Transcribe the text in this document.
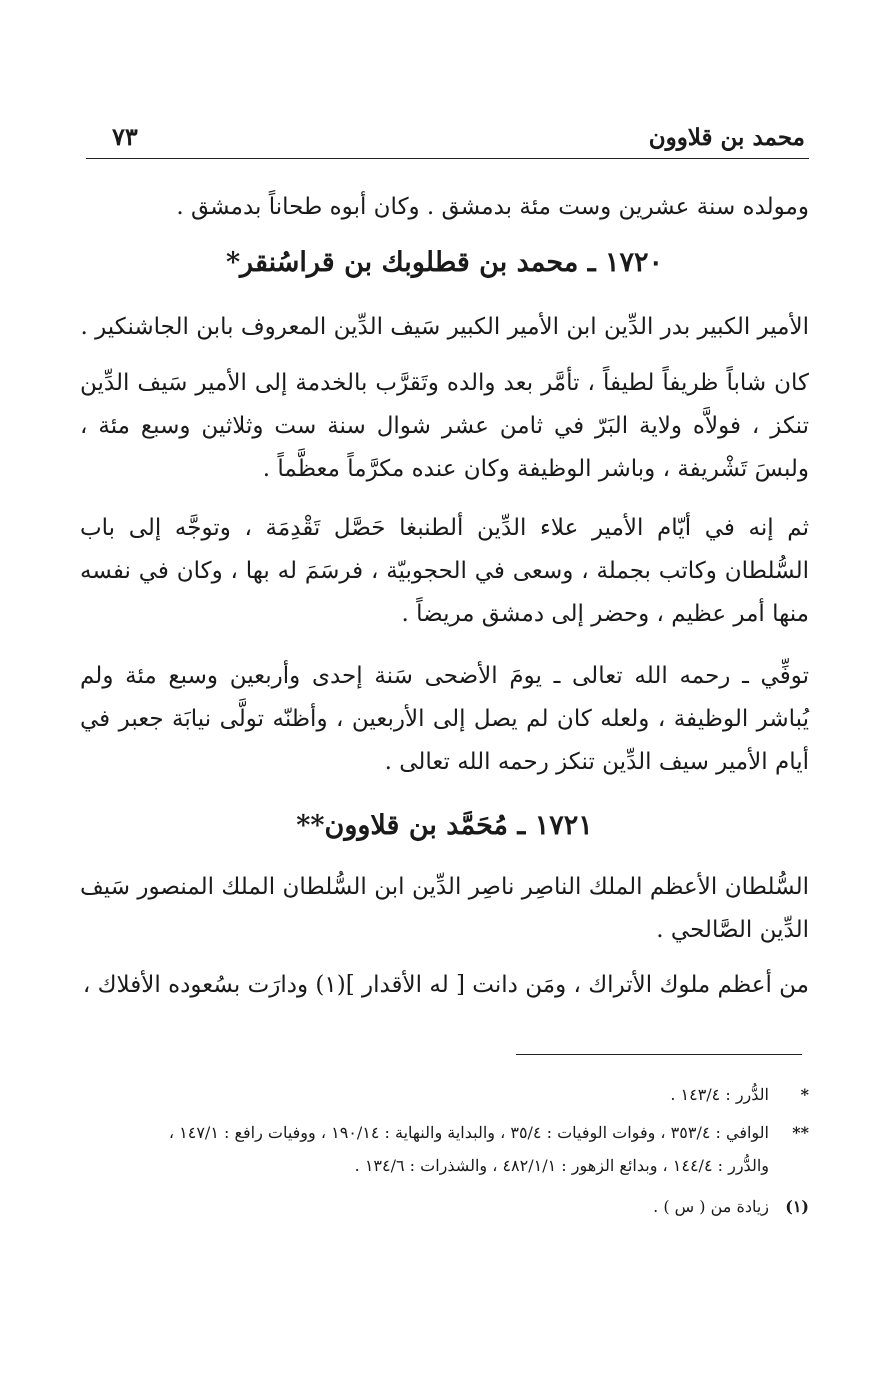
محمد بن قلاوون
٧٣
ومولده سنة عشرين وست مئة بدمشق . وكان أبوه طحاناً بدمشق .
١٧٢٠ ـ محمد بن قطلوبك بن قراسُنقر*
الأمير الكبير بدر الدِّين ابن الأمير الكبير سَيف الدِّين المعروف بابن الجاشنكير .
كان شاباً ظريفاً لطيفاً ، تأمَّر بعد والده وتَقرَّب بالخدمة إلى الأمير سَيف الدِّين تنكز ، فولاَّه ولاية البَرّ في ثامن عشر شوال سنة ست وثلاثين وسبع مئة ، ولبسَ تَشْريفة ، وباشر الوظيفة وكان عنده مكرَّماً معظَّماً .
ثم إنه في أيّام الأمير علاء الدِّين ألطنبغا حَصَّل تَقْدِمَة ، وتوجَّه إلى باب السُّلطان وكاتب بجملة ، وسعى في الحجوبيّة ، فرسَمَ له بها ، وكان في نفسه منها أمر عظيم ، وحضر إلى دمشق مريضاً .
توفِّي ـ رحمه الله تعالى ـ يومَ الأضحى سَنة إحدى وأربعين وسبع مئة ولم يُباشر الوظيفة ، ولعله كان لم يصل إلى الأربعين ، وأظنّه تولَّى نيابَة جعبر في أيام الأمير سيف الدِّين تنكز رحمه الله تعالى .
١٧٢١ ـ مُحَمَّد بن قلاوون**
السُّلطان الأعظم الملك الناصِر ناصِر الدِّين ابن السُّلطان الملك المنصور سَيف الدِّين الصَّالحي .
من أعظم ملوك الأتراك ، ومَن دانت [ له الأقدار ](١) ودارَت بسُعوده الأفلاك ،
*الدُّرر : ١٤٣/٤ .
**الوافي : ٣٥٣/٤ ، وفوات الوفيات : ٣٥/٤ ، والبداية والنهاية : ١٩٠/١٤ ، ووفيات رافع : ١٤٧/١ ،
والدُّرر : ١٤٤/٤ ، وبدائع الزهور : ٤٨٢/١/١ ، والشذرات : ١٣٤/٦ .
(١)زيادة من ( س ) .
